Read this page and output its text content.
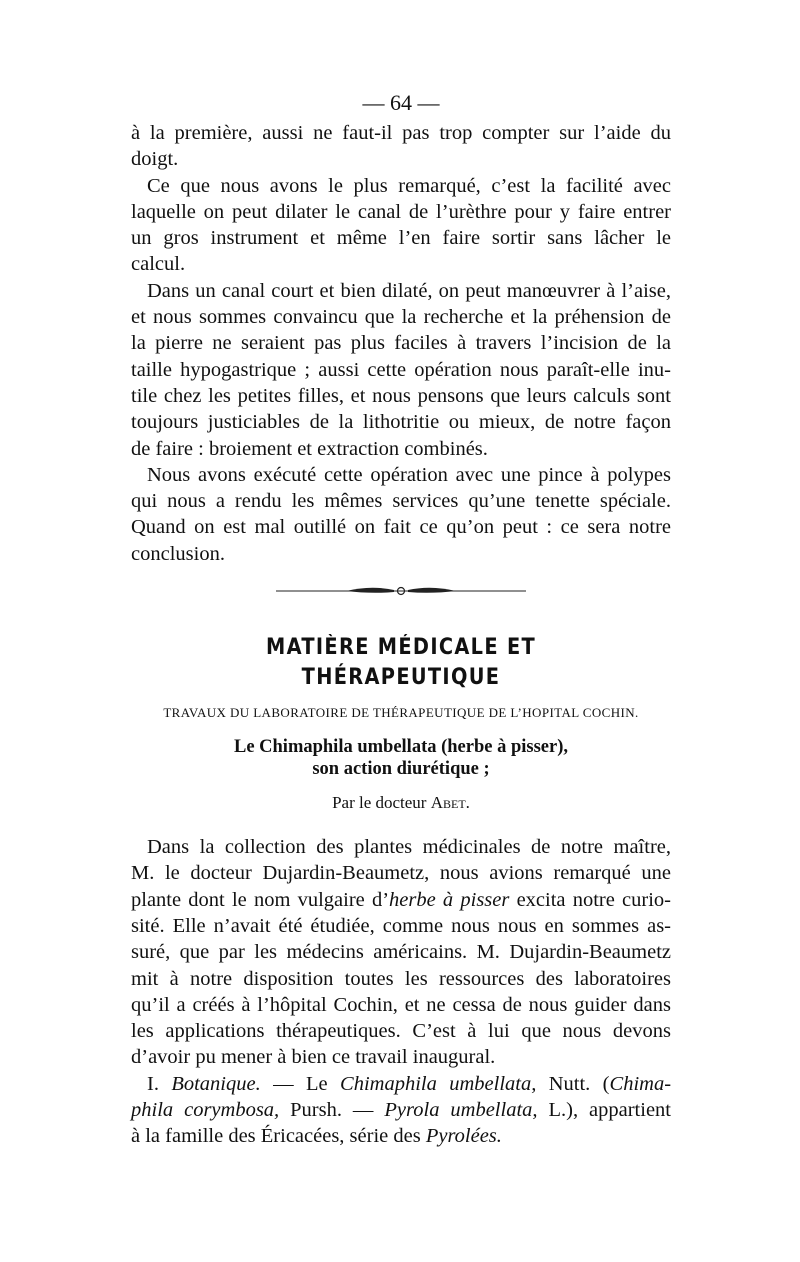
— 64 —

à la première, aussi ne faut-il pas trop compter sur l’aide du
doigt.

Ce que nous avons le plus remarqué, c’est la facilité avec
laquelle on peut dilater le canal de l’urèthre pour y faire entrer
un gros instrument et même l’en faire sortir sans lâcher le
calcul.

Dans un canal court et bien dilaté, on peut manœuvrer à l’aise,
et nous sommes convaincu que la recherche et la préhension de
la pierre ne seraient pas plus faciles à travers l’incision de la
taille hypogastrique ; aussi cette opération nous paraît-elle inu-
tile chez les petites filles, et nous pensons que leurs calculs sont
toujours justiciables de la lithotritie ou mieux, de notre façon
de faire : broiement et extraction combinés.

Nous avons exécuté cette opération avec une pince à polypes
qui nous a rendu les mêmes services qu’une tenette spéciale.
Quand on est mal outillé on fait ce qu’on peut : ce sera notre
conclusion.

MATIÈRE MÉDICALE ET THÉRAPEUTIQUE
TRAVAUX DU LABORATOIRE DE THÉRAPEUTIQUE DE L’HOPITAL COCHIN.
Le Chimaphila umbellata (herbe à pisser),
son action diurétique ;
Par le docteur Abet.

Dans la collection des plantes médicinales de notre maître,
M. le docteur Dujardin-Beaumetz, nous avions remarqué une
plante dont le nom vulgaire d’herbe à pisser excita notre curio-
sité. Elle n’avait été étudiée, comme nous nous en sommes as-
suré, que par les médecins américains. M. Dujardin-Beaumetz
mit à notre disposition toutes les ressources des laboratoires
qu’il a créés à l’hôpital Cochin, et ne cessa de nous guider dans
les applications thérapeutiques. C’est à lui que nous devons
d’avoir pu mener à bien ce travail inaugural.

I. Botanique. — Le Chimaphila umbellata, Nutt. (Chima-
phila corymbosa, Pursh. — Pyrola umbellata, L.), appartient
à la famille des Éricacées, série des Pyrolées.
